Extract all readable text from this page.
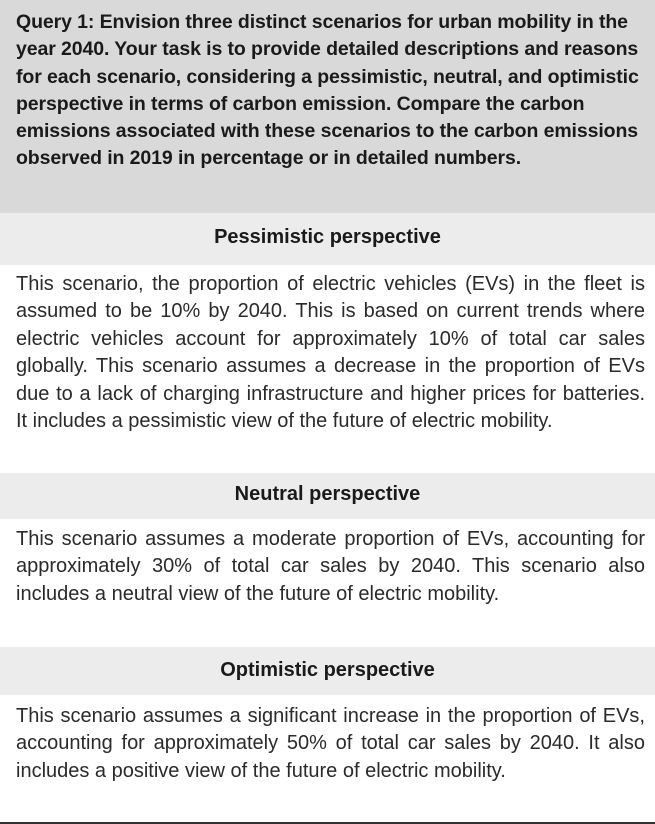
Query 1: Envision three distinct scenarios for urban mobility in the year 2040. Your task is to provide detailed descriptions and reasons for each scenario, considering a pessimistic, neutral, and optimistic perspective in terms of carbon emission. Compare the carbon emissions associated with these scenarios to the carbon emissions observed in 2019 in percentage or in detailed numbers.
Pessimistic perspective
This scenario, the proportion of electric vehicles (EVs) in the fleet is assumed to be 10% by 2040. This is based on current trends where electric vehicles account for approximately 10% of total car sales globally. This scenario assumes a decrease in the proportion of EVs due to a lack of charging infrastructure and higher prices for batteries. It includes a pessimistic view of the future of electric mobility.
Neutral perspective
This scenario assumes a moderate proportion of EVs, accounting for approximately 30% of total car sales by 2040. This scenario also includes a neutral view of the future of electric mobility.
Optimistic perspective
This scenario assumes a significant increase in the proportion of EVs, accounting for approximately 50% of total car sales by 2040. It also includes a positive view of the future of electric mobility.
